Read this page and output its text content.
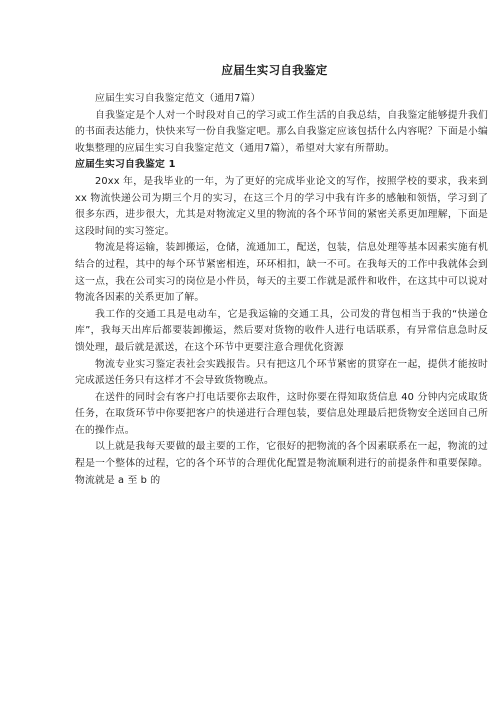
应届生实习自我鉴定

应届生实习自我鉴定范文（通用7篇）

自我鉴定是个人对一个时段对自己的学习或工作生活的自我总结，自我鉴定能够提升我们的书面表达能力，快快来写一份自我鉴定吧。那么自我鉴定应该包括什么内容呢？下面是小编收集整理的应届生实习自我鉴定范文（通用7篇），希望对大家有所帮助。

应届生实习自我鉴定 1

20xx 年，是我毕业的一年，为了更好的完成毕业论文的写作，按照学校的要求，我来到 xx 物流快递公司为期三个月的实习，在这三个月的学习中我有许多的感触和领悟，学习到了很多东西，进步很大，尤其是对物流定义里的物流的各个环节间的紧密关系更加理解，下面是这段时间的实习签定。

物流是将运输，装卸搬运，仓储，流通加工，配送，包装，信息处理等基本因素实施有机结合的过程，其中的每个环节紧密相连，环环相扣，缺一不可。在我每天的工作中我就体会到这一点，我在公司实习的岗位是小件员，每天的主要工作就是派件和收件，在这其中可以说对物流各因素的关系更加了解。

我工作的交通工具是电动车，它是我运输的交通工具，公司发的背包相当于我的“快递仓库”，我每天出库后都要装卸搬运，然后要对货物的收件人进行电话联系，有异常信息急时反馈处理，最后就是派送，在这个环节中更要注意合理优化资源

物流专业实习鉴定表社会实践报告。只有把这几个环节紧密的贯穿在一起，提供才能按时完成派送任务只有这样才不会导致货物晚点。

在送件的同时会有客户打电话要你去取件，这时你要在得知取货信息 40 分钟内完成取货任务，在取货环节中你要把客户的快递进行合理包装，要信息处理最后把货物安全送回自己所在的操作点。

以上就是我每天要做的最主要的工作，它很好的把物流的各个因素联系在一起，物流的过程是一个整体的过程，它的各个环节的合理优化配置是物流顺利进行的前提条件和重要保障。物流就是 a 至 b 的
